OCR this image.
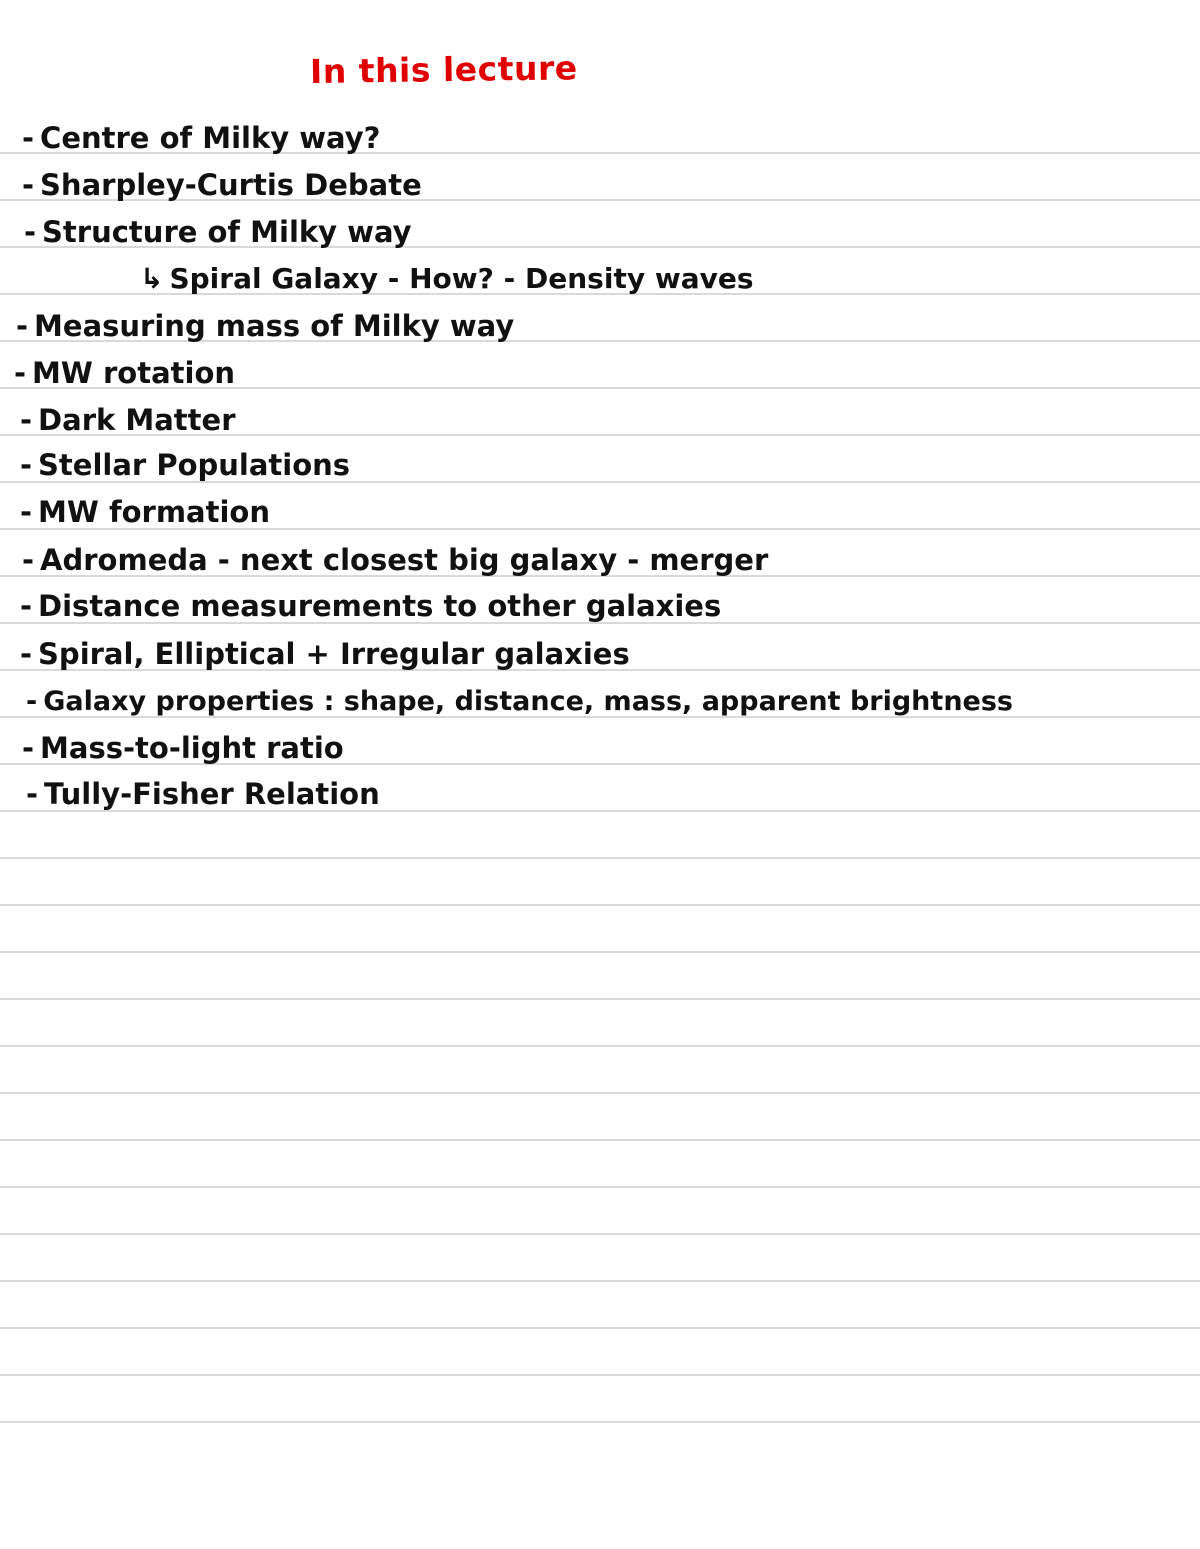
In this lecture
- Centre of Milky way?
- Sharpley-Curtis Debate
- Structure of Milky way
↳ Spiral Galaxy - How? - Density waves
- Measuring mass of Milky way
- MW rotation
- Dark Matter
- Stellar Populations
- MW formation
- Adromeda - next closest big galaxy - merger
- Distance measurements to other galaxies
- Spiral, Elliptical + Irregular galaxies
- Galaxy properties : shape, distance, mass, apparent brightness
- Mass-to-light ratio
- Tully-Fisher Relation
